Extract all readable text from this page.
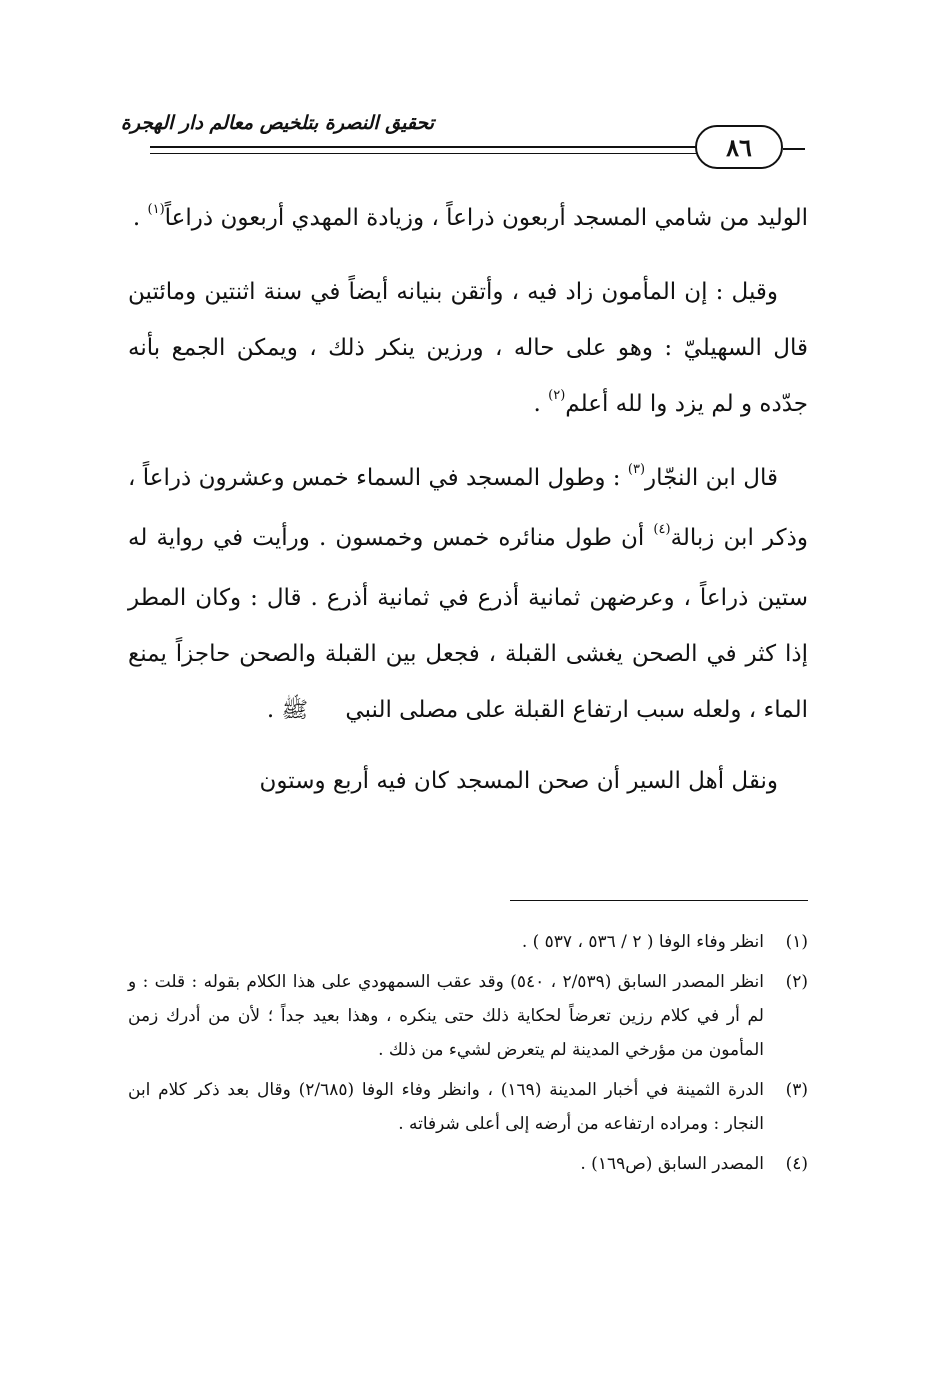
تحقيق النصرة بتلخيص معالم دار الهجرة
٨٦

الوليد من شامي المسجد أربعون ذراعاً ، وزيادة المهدي أربعون ذراعاً$^{(١)}$ .

وقيل : إن المأمون زاد فيه ، وأتقن بنيانه أيضاً في سنة اثنتين ومائتين قال السهيليّ : وهو على حاله ، ورزين ينكر ذلك ، ويمكن الجمع بأنه جدّده و لم يزد وا لله أعلم$^{(٢)}$ .

قال ابن النجّار$^{(٣)}$ : وطول المسجد في السماء خمس وعشرون ذراعاً ، وذكر ابن زبالة$^{(٤)}$ أن طول منائره خمس وخمسون . ورأيت في رواية له ستين ذراعاً ، وعرضهن ثمانية أذرع في ثمانية أذرع . قال : وكان المطر إذا كثر في الصحن يغشى القبلة ، فجعل بين القبلة والصحن حاجزاً يمنع الماء ، ولعله سبب ارتفاع القبلة على مصلى النبي ﷺ .

ونقل أهل السير أن صحن المسجد كان فيه أربع وستون

(١)
انظر وفاء الوفا ( ٢ / ٥٣٦ ، ٥٣٧ ) .
(٢)
انظر المصدر السابق (٢/٥٣٩ ، ٥٤٠) وقد عقب السمهودي على هذا الكلام بقوله : قلت : و لم أر في كلام رزين تعرضاً لحكاية ذلك حتى ينكره ، وهذا بعيد جداً ؛ لأن من أدرك زمن المأمون من مؤرخي المدينة لم يتعرض لشيء من ذلك .
(٣)
الدرة الثمينة في أخبار المدينة (١٦٩) ، وانظر وفاء الوفا (٢/٦٨٥) وقال بعد ذكر كلام ابن النجار : ومراده ارتفاعه من أرضه إلى أعلى شرفاته .
(٤)
المصدر السابق (ص١٦٩) .
